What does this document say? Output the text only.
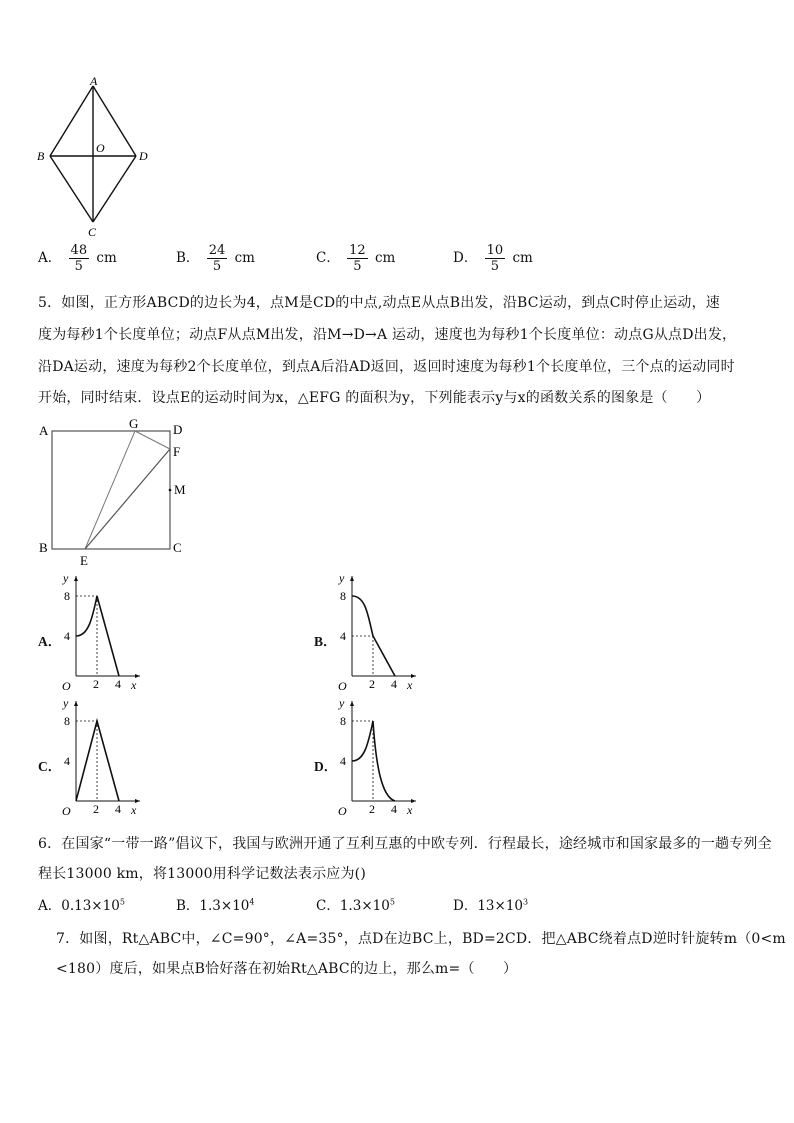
A
B	D
O
C
A． $\frac{48}{5}$ cm	B． $\frac{24}{5}$ cm	C． $\frac{12}{5}$ cm	D． $\frac{10}{5}$ cm
5．如图，正方形ABCD的边长为4，点M是CD的中点,动点E从点B出发，沿BC运动，到点C时停止运动，速
度为每秒1个长度单位；动点F从点M出发，沿M→D→A 运动，速度也为每秒1个长度单位：动点G从点D出发，
沿DA运动，速度为每秒2个长度单位，到点A后沿AD返回，返回时速度为每秒1个长度单位，三个点的运动同时
开始，同时结束．设点E的运动时间为x，△EFG 的面积为y，下列能表示y与x的函数关系的图象是（　　）
A	G	D
F
M
B	C
E
A．	B．
C．	D．
y
8
4
O 2 4 x
y
8
4
O 2 4 x
y
8
4
O 2 4 x
y
8
4
O 2 4 x
6．在国家“一带一路”倡议下，我国与欧洲开通了互利互惠的中欧专列．行程最长，途经城市和国家最多的一趟专列全
程长13000 km，将13000用科学记数法表示应为()
A．$0.13\times 10^5$	B．$1.3\times 10^4$	C．$1.3\times 10^5$	D．$13\times 10^3$
7．如图，Rt△ABC中，∠C=90°，∠A=35°，点D在边BC上，BD=2CD．把△ABC绕着点D逆时针旋转m（0<m
<180）度后，如果点B恰好落在初始Rt△ABC的边上，那么m=（　　）
